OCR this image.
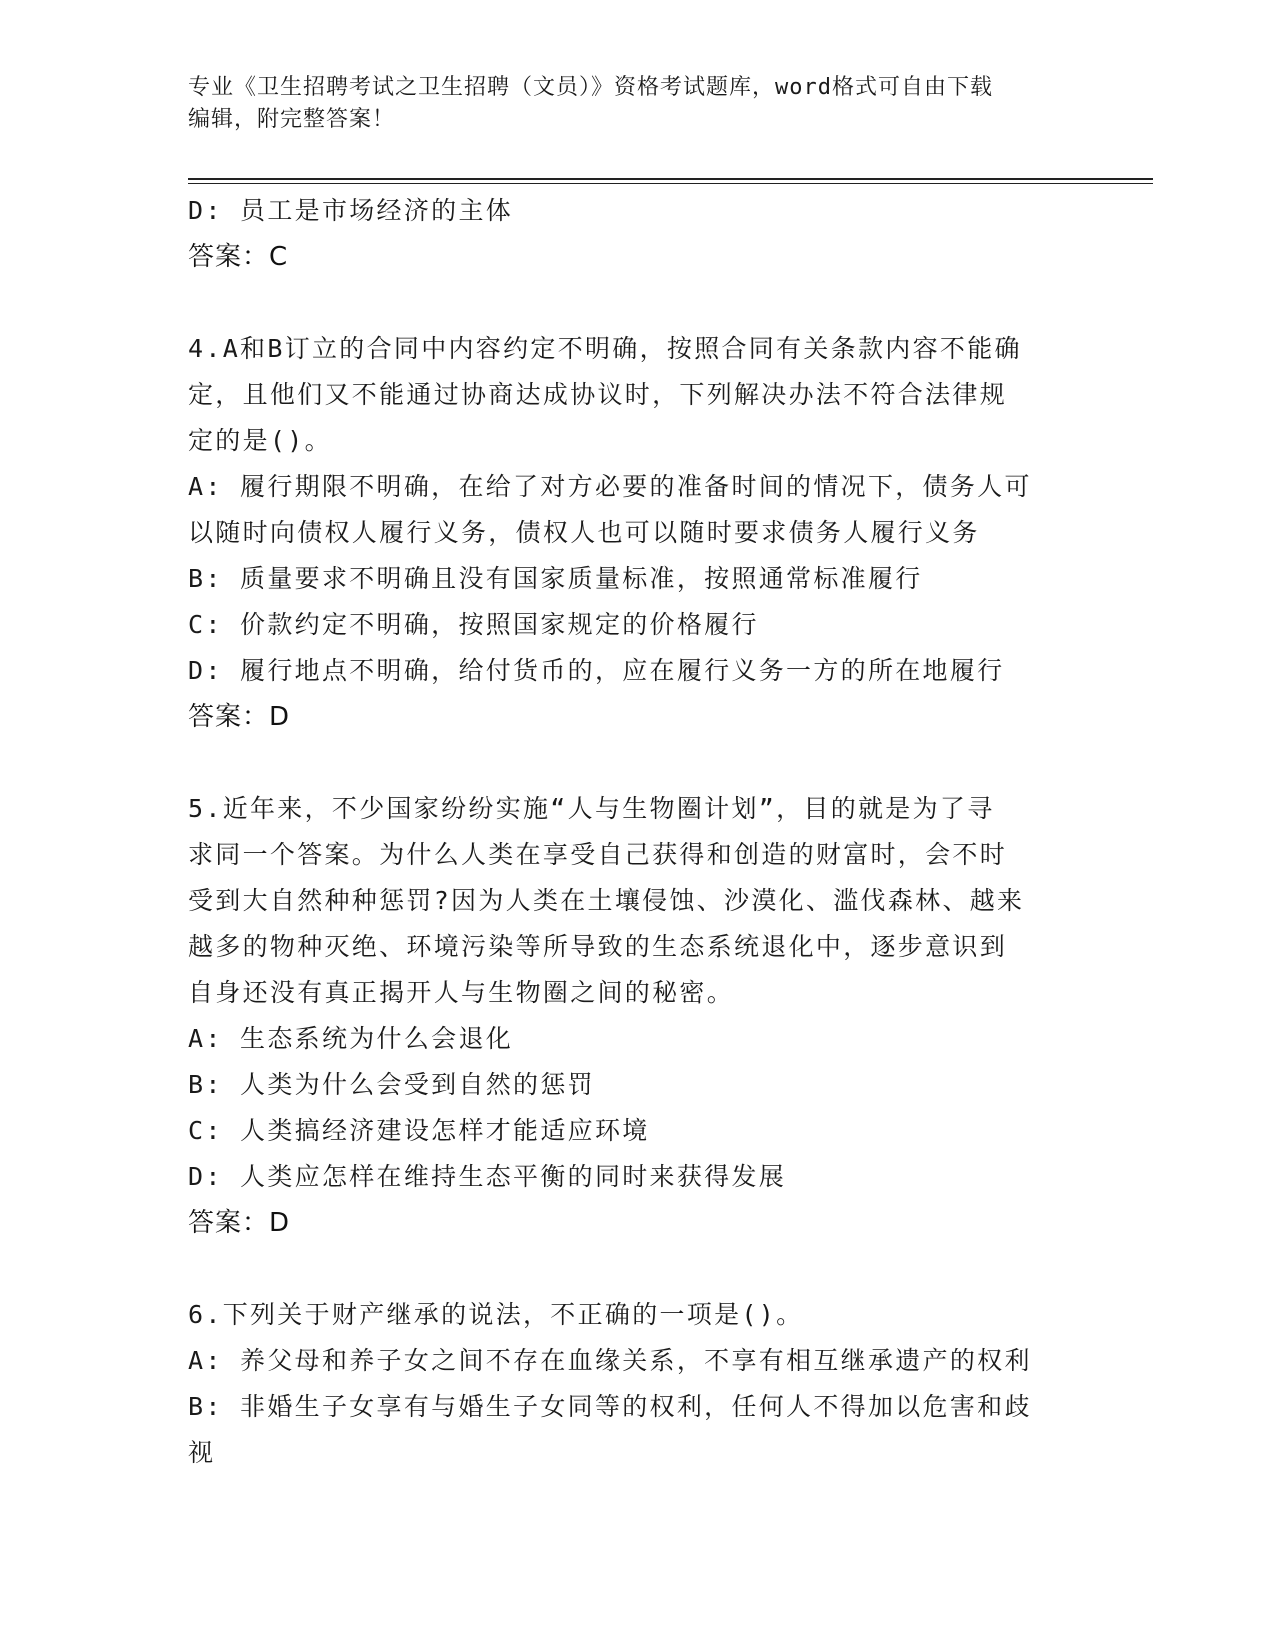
专业《卫生招聘考试之卫生招聘（文员）》资格考试题库，word格式可自由下载
编辑，附完整答案！
D: 员工是市场经济的主体
答案：C
4.A和B订立的合同中内容约定不明确，按照合同有关条款内容不能确
定，且他们又不能通过协商达成协议时，下列解决办法不符合法律规
定的是()。
A: 履行期限不明确，在给了对方必要的准备时间的情况下，债务人可
以随时向债权人履行义务，债权人也可以随时要求债务人履行义务
B: 质量要求不明确且没有国家质量标准，按照通常标准履行
C: 价款约定不明确，按照国家规定的价格履行
D: 履行地点不明确，给付货币的，应在履行义务一方的所在地履行
答案：D
5.近年来，不少国家纷纷实施“人与生物圈计划”，目的就是为了寻
求同一个答案。为什么人类在享受自己获得和创造的财富时，会不时
受到大自然种种惩罚?因为人类在土壤侵蚀、沙漠化、滥伐森林、越来
越多的物种灭绝、环境污染等所导致的生态系统退化中，逐步意识到
自身还没有真正揭开人与生物圈之间的秘密。
A: 生态系统为什么会退化
B: 人类为什么会受到自然的惩罚
C: 人类搞经济建设怎样才能适应环境
D: 人类应怎样在维持生态平衡的同时来获得发展
答案：D
6.下列关于财产继承的说法，不正确的一项是()。
A: 养父母和养子女之间不存在血缘关系，不享有相互继承遗产的权利
B: 非婚生子女享有与婚生子女同等的权利，任何人不得加以危害和歧
视
